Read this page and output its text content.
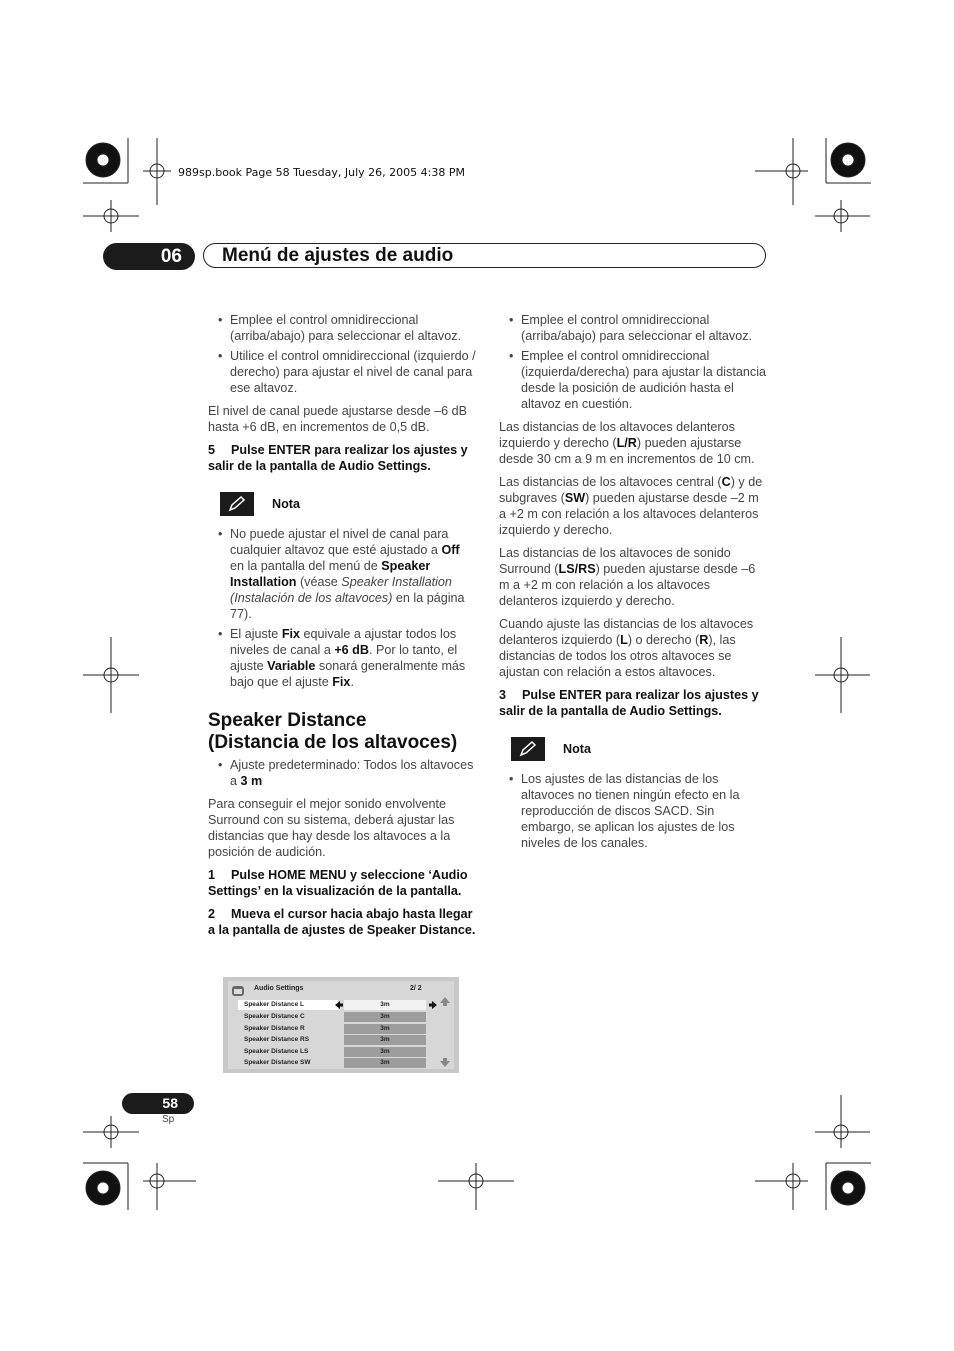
989sp.book Page 58 Tuesday, July 26, 2005 4:38 PM
06	Menú de ajustes de audio
• Emplee el control omnidireccional (arriba/abajo) para seleccionar el altavoz.
• Utilice el control omnidireccional (izquierdo / derecho) para ajustar el nivel de canal para ese altavoz.

El nivel de canal puede ajustarse desde –6 dB hasta +6 dB, en incrementos de 0,5 dB.

5 Pulse ENTER para realizar los ajustes y salir de la pantalla de Audio Settings.

Nota
• No puede ajustar el nivel de canal para cualquier altavoz que esté ajustado a Off en la pantalla del menú de Speaker Installation (véase Speaker Installation (Instalación de los altavoces) en la página 77).
• El ajuste Fix equivale a ajustar todos los niveles de canal a +6 dB. Por lo tanto, el ajuste Variable sonará generalmente más bajo que el ajuste Fix.
Speaker Distance
(Distancia de los altavoces)
• Ajuste predeterminado: Todos los altavoces a 3 m

Para conseguir el mejor sonido envolvente Surround con su sistema, deberá ajustar las distancias que hay desde los altavoces a la posición de audición.

1 Pulse HOME MENU y seleccione ‘Audio Settings’ en la visualización de la pantalla.

2 Mueva el cursor hacia abajo hasta llegar a la pantalla de ajustes de Speaker Distance.

Audio Settings	2/ 2
Speaker Distance L	3m
Speaker Distance C	3m
Speaker Distance R	3m
Speaker Distance RS	3m
Speaker Distance LS	3m
Speaker Distance SW	3m
• Emplee el control omnidireccional (arriba/abajo) para seleccionar el altavoz.
• Emplee el control omnidireccional (izquierda/derecha) para ajustar la distancia desde la posición de audición hasta el altavoz en cuestión.

Las distancias de los altavoces delanteros izquierdo y derecho (L/R) pueden ajustarse desde 30 cm a 9 m en incrementos de 10 cm.

Las distancias de los altavoces central (C) y de subgraves (SW) pueden ajustarse desde –2 m a +2 m con relación a los altavoces delanteros izquierdo y derecho.

Las distancias de los altavoces de sonido Surround (LS/RS) pueden ajustarse desde –6 m a +2 m con relación a los altavoces delanteros izquierdo y derecho.

Cuando ajuste las distancias de los altavoces delanteros izquierdo (L) o derecho (R), las distancias de todos los otros altavoces se ajustan con relación a estos altavoces.

3 Pulse ENTER para realizar los ajustes y salir de la pantalla de Audio Settings.

Nota
• Los ajustes de las distancias de los altavoces no tienen ningún efecto en la reproducción de discos SACD. Sin embargo, se aplican los ajustes de los niveles de los canales.
58
Sp
